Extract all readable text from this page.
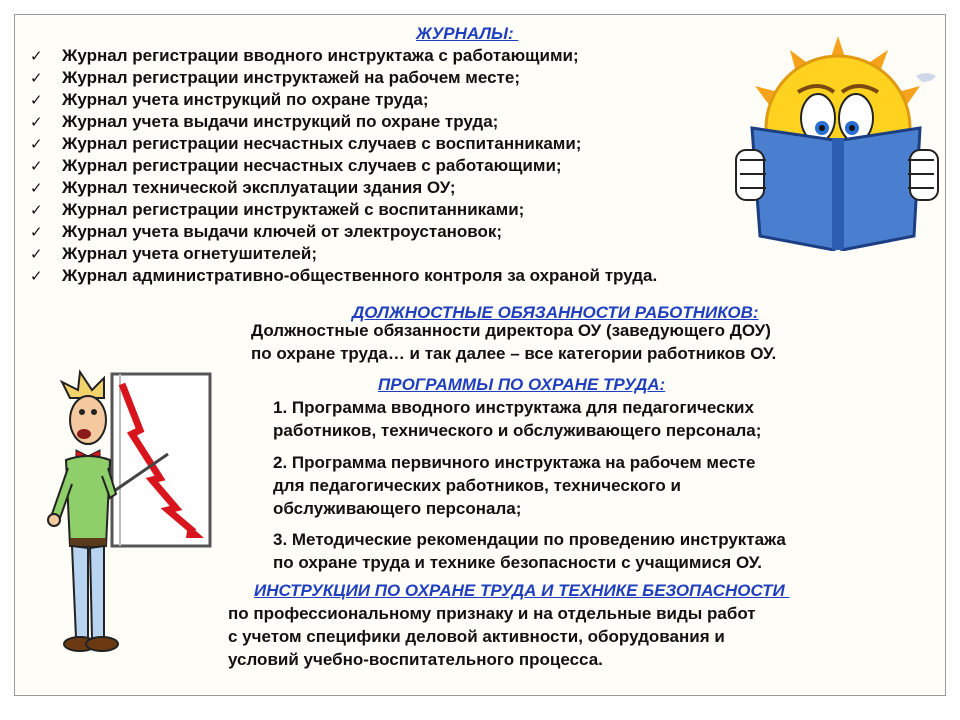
ЖУРНАЛЫ:
✓	Журнал регистрации вводного инструктажа с работающими;
✓	Журнал регистрации инструктажей на рабочем месте;
✓	Журнал учета инструкций по охране труда;
✓	Журнал учета выдачи инструкций по охране труда;
✓	Журнал регистрации несчастных случаев с воспитанниками;
✓	Журнал регистрации несчастных случаев с работающими;
✓	Журнал технической эксплуатации здания ОУ;
✓	Журнал регистрации инструктажей с воспитанниками;
✓	Журнал учета выдачи ключей от электроустановок;
✓	Журнал учета огнетушителей;
✓	Журнал административно-общественного контроля за охраной труда.
ДОЛЖНОСТНЫЕ ОБЯЗАННОСТИ РАБОТНИКОВ:

Должностные обязанности директора ОУ (заведующего ДОУ)

по охране труда… и так далее – все категории работников ОУ.

ПРОГРАММЫ ПО ОХРАНЕ ТРУДА:

1. Программа вводного инструктажа для педагогических

работников, технического и обслуживающего персонала;

2. Программа первичного инструктажа на рабочем месте

для педагогических работников, технического и

обслуживающего персонала;

3. Методические рекомендации по проведению инструктажа

по охране труда и технике безопасности с учащимися ОУ.

ИНСТРУКЦИИ ПО ОХРАНЕ ТРУДА И ТЕХНИКЕ БЕЗОПАСНОСТИ

по профессиональному признаку и на отдельные виды работ

с учетом специфики деловой активности, оборудования и

условий учебно-воспитательного процесса.
